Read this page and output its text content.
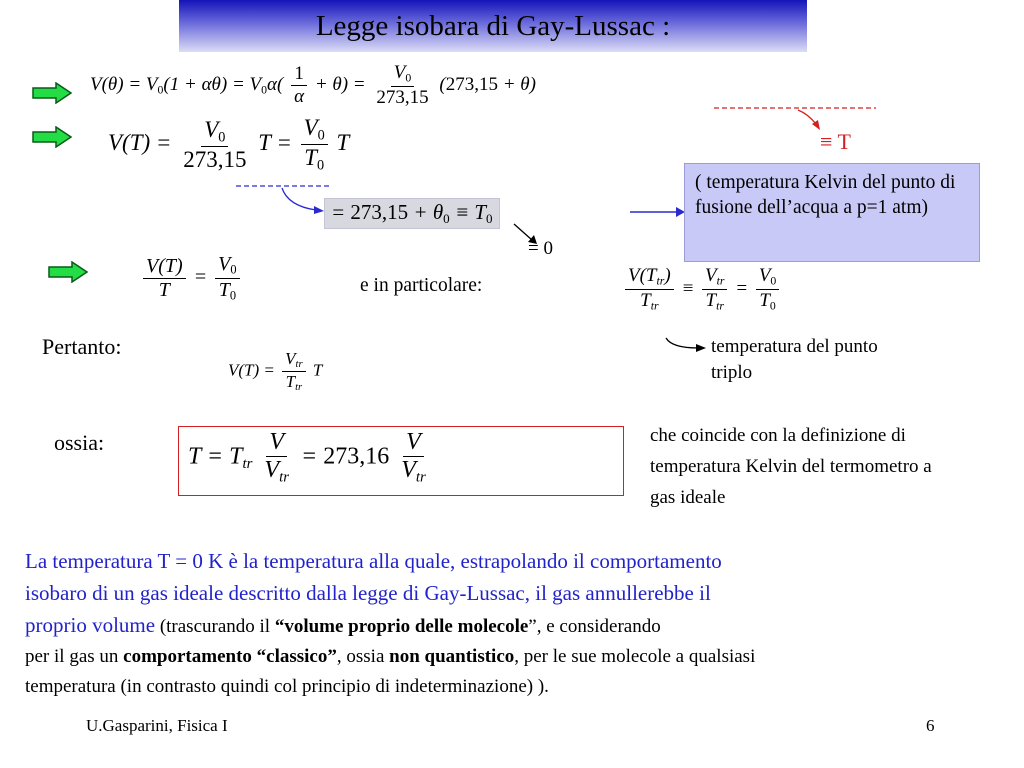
Legge isobara di Gay-Lussac :
$V(\theta) = V_0(1 + \alpha\theta) = V_0\alpha( \frac{1}{\alpha} + \theta) = \frac{V_0}{273,15} (273,15 + \theta)$
≡ T
$V(T) = \frac{V_0}{273,15}$ $T = \frac{V_0}{T_0}$ T
= $273,15 + \theta_0 \equiv T_0$
= 0
( temperatura Kelvin del punto di fusione dell’acqua a p=1 atm)
$\frac{V(T)}{T} = \frac{V_0}{T_0}$	e in particolare:	$\frac{V(T_{tr})}{T_{tr}} \equiv \frac{V_{tr}}{T_{tr}} = \frac{V_0}{T_0}$
temperatura del punto triplo
Pertanto:
$V(T) = \frac{V_{tr}}{T_{tr}}$ T
ossia:
$T = T_{tr} \frac{V}{V_{tr}} = 273,16 \frac{V}{V_{tr}}$	che coincide con la definizione di temperatura Kelvin del termometro a gas ideale
La temperatura T = 0 K è la temperatura alla quale, estrapolando il comportamento
isobaro di un gas ideale descritto dalla legge di Gay-Lussac, il gas annullerebbe il
proprio volume (trascurando il “volume proprio delle molecole”, e considerando
per il gas un comportamento “classico”, ossia non quantistico, per le sue molecole a qualsiasi
temperatura (in contrasto quindi col principio di indeterminazione) ).
U.Gasparini, Fisica I	6
